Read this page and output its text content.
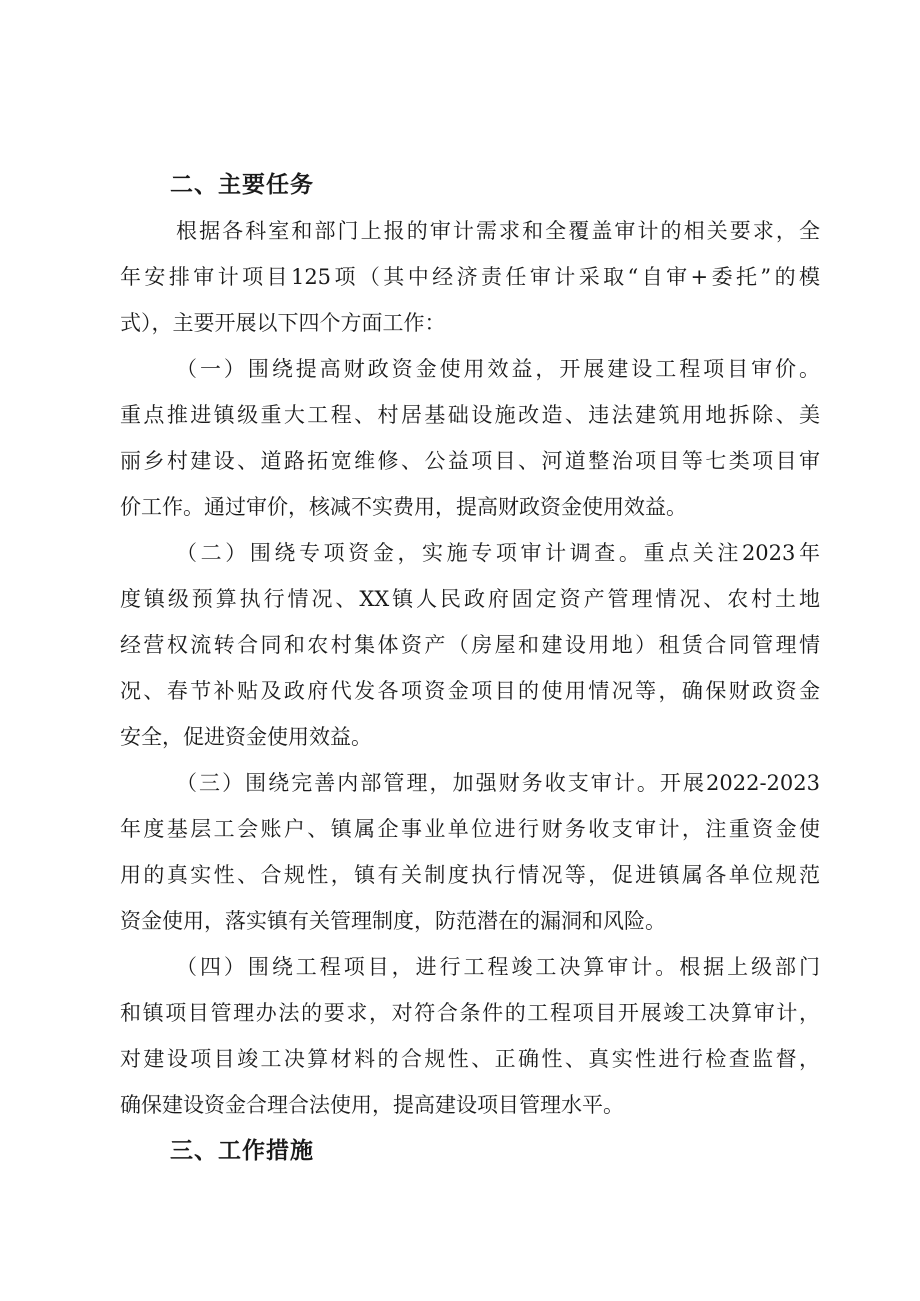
二、主要任务
根据各科室和部门上报的审计需求和全覆盖审计的相关要求，全
年安排审计项目125项（其中经济责任审计采取“自审+委托”的模
式），主要开展以下四个方面工作：
（一）围绕提高财政资金使用效益，开展建设工程项目审价。
重点推进镇级重大工程、村居基础设施改造、违法建筑用地拆除、美
丽乡村建设、道路拓宽维修、公益项目、河道整治项目等七类项目审
价工作。通过审价，核减不实费用，提高财政资金使用效益。
（二）围绕专项资金，实施专项审计调查。重点关注2023年
度镇级预算执行情况、XX镇人民政府固定资产管理情况、农村土地
经营权流转合同和农村集体资产（房屋和建设用地）租赁合同管理情
况、春节补贴及政府代发各项资金项目的使用情况等，确保财政资金
安全，促进资金使用效益。
（三）围绕完善内部管理，加强财务收支审计。开展2022-2023
年度基层工会账户、镇属企事业单位进行财务收支审计，注重资金使
用的真实性、合规性，镇有关制度执行情况等，促进镇属各单位规范
资金使用，落实镇有关管理制度，防范潜在的漏洞和风险。
（四）围绕工程项目，进行工程竣工决算审计。根据上级部门
和镇项目管理办法的要求，对符合条件的工程项目开展竣工决算审计，
对建设项目竣工决算材料的合规性、正确性、真实性进行检查监督，
确保建设资金合理合法使用，提高建设项目管理水平。
三、工作措施
